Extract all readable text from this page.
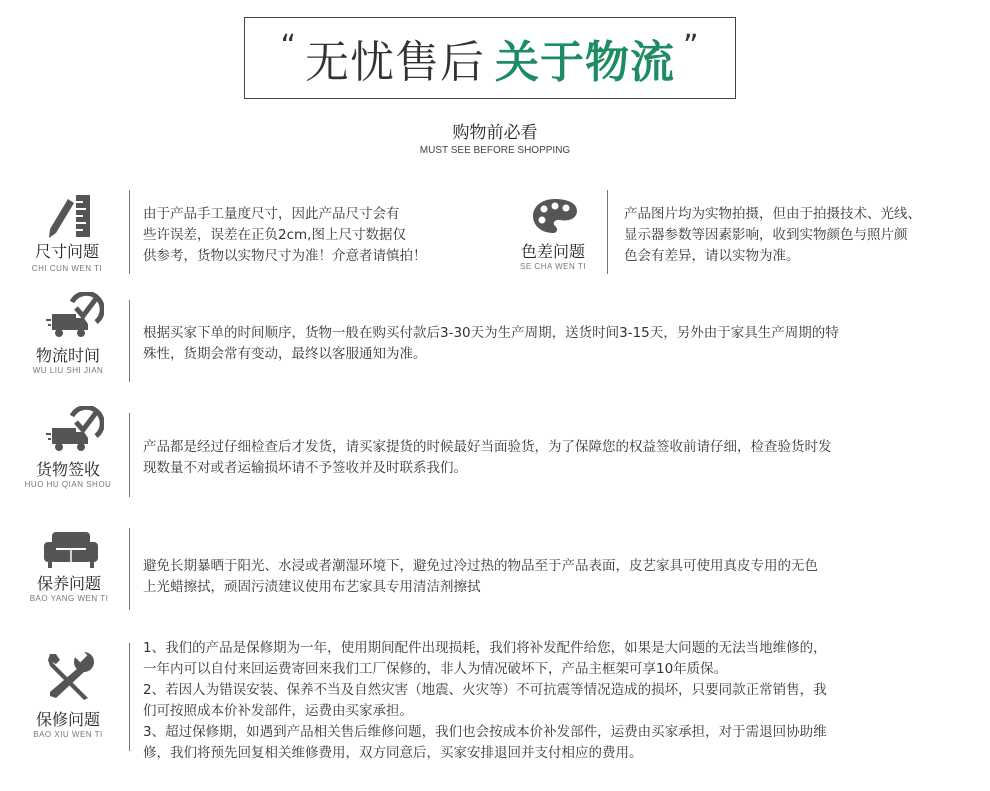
“ 无忧售后 关于物流 ”
购物前必看
MUST SEE BEFORE SHOPPING
尺寸问题
CHI CUN WEN TI
由于产品手工量度尺寸，因此产品尺寸会有
些许误差，误差在正负2cm,图上尺寸数据仅
供参考，货物以实物尺寸为准！介意者请慎拍！	色差问题
SE CHA WEN TI
产品图片均为实物拍摄，但由于拍摄技术、光线、
显示器参数等因素影响，收到实物颜色与照片颜
色会有差异，请以实物为准。
物流时间
WU LIU SHI JIAN
根据买家下单的时间顺序，货物一般在购买付款后3-30天为生产周期，送货时间3-15天，另外由于家具生产周期的特
殊性，货期会常有变动，最终以客服通知为准。
货物签收
HUO HU QIAN SHOU
产品都是经过仔细检查后才发货，请买家提货的时候最好当面验货，为了保障您的权益签收前请仔细，检查验货时发
现数量不对或者运输损坏请不予签收并及时联系我们。
保养问题
BAO YANG WEN TI
避免长期暴晒于阳光、水浸或者潮湿环境下，避免过冷过热的物品至于产品表面，皮艺家具可使用真皮专用的无色
上光蜡擦拭，顽固污渍建议使用布艺家具专用清洁剂擦拭
保修问题
BAO XIU WEN TI
1、我们的产品是保修期为一年，使用期间配件出现损耗，我们将补发配件给您，如果是大问题的无法当地维修的，
一年内可以自付来回运费寄回来我们工厂保修的，非人为情况破坏下，产品主框架可享10年质保。
2、若因人为错误安装、保养不当及自然灾害（地震、火灾等）不可抗震等情况造成的损坏，只要同款正常销售，我
们可按照成本价补发部件，运费由买家承担。
3、超过保修期，如遇到产品相关售后维修问题，我们也会按成本价补发部件，运费由买家承担，对于需退回协助维
修，我们将预先回复相关维修费用，双方同意后，买家安排退回并支付相应的费用。
